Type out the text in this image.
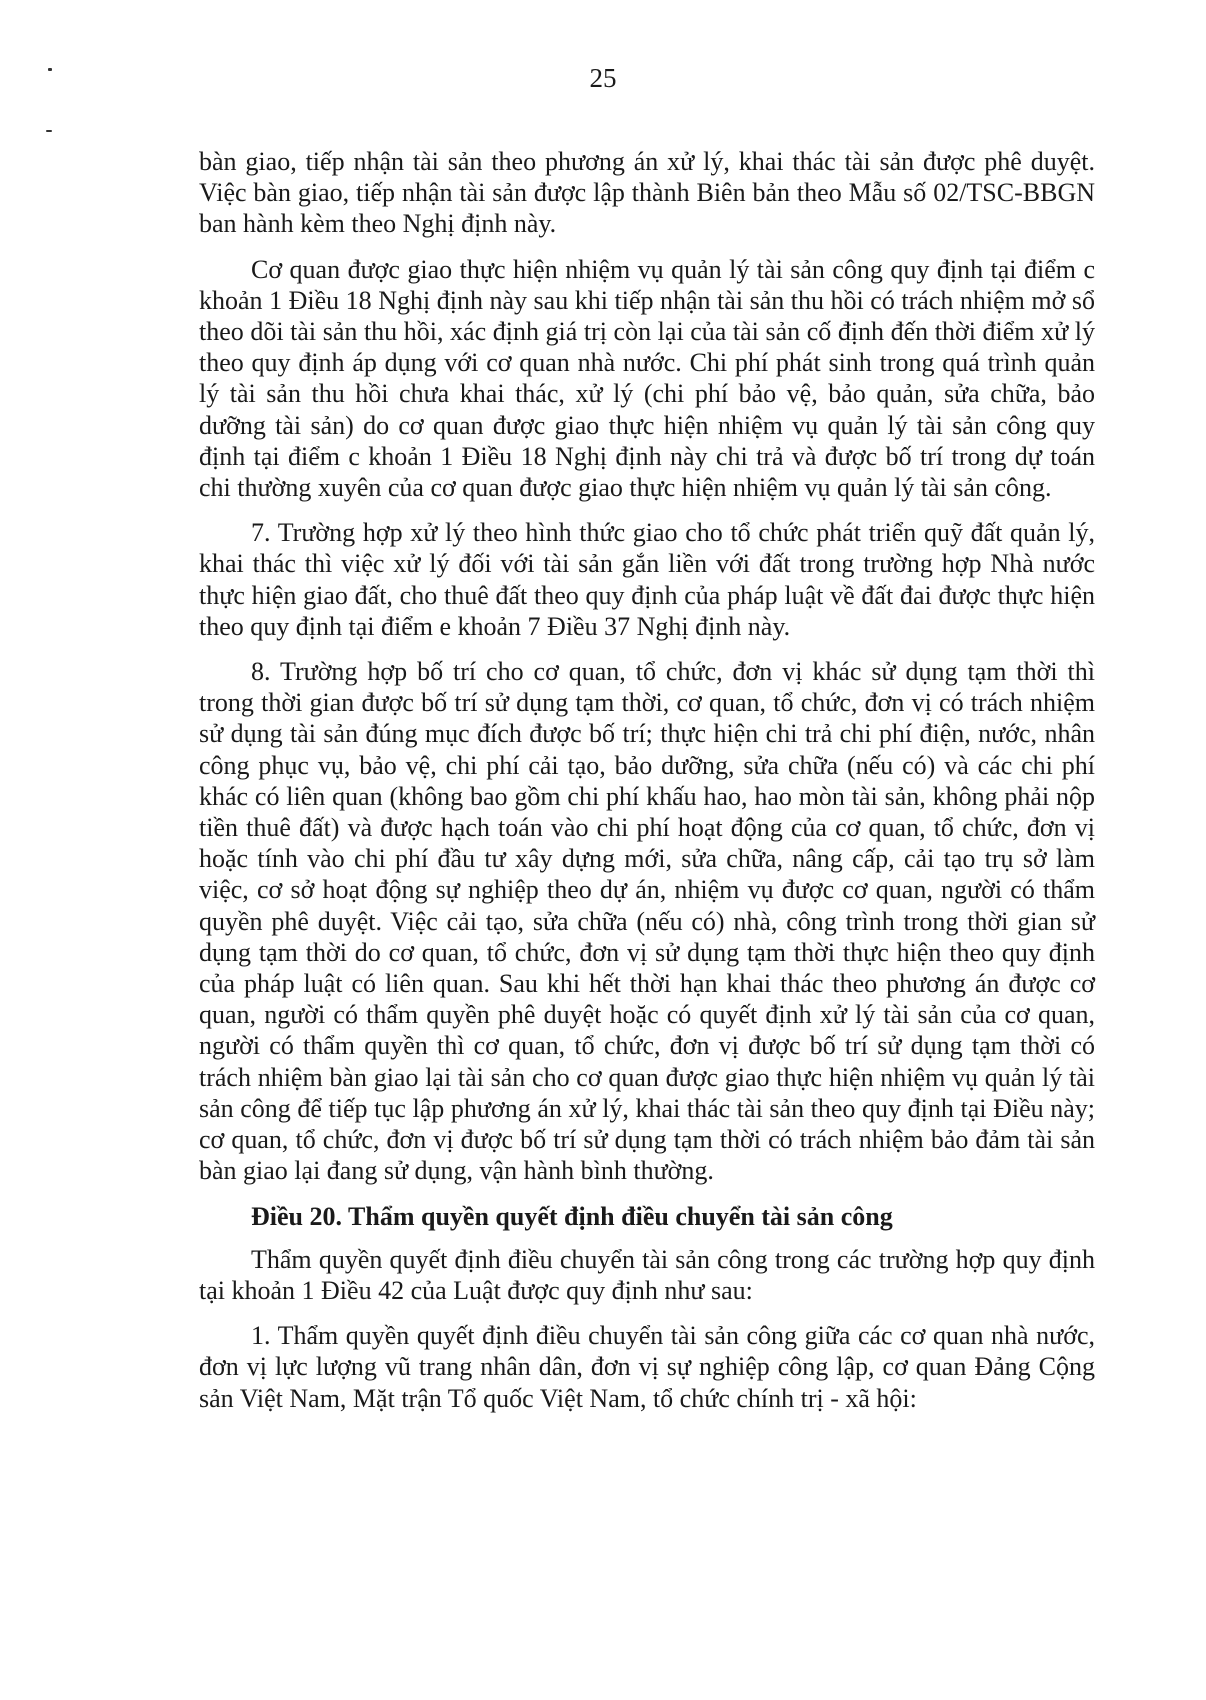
25

bàn giao, tiếp nhận tài sản theo phương án xử lý, khai thác tài sản được phê duyệt. Việc bàn giao, tiếp nhận tài sản được lập thành Biên bản theo Mẫu số 02/TSC-BBGN ban hành kèm theo Nghị định này.

Cơ quan được giao thực hiện nhiệm vụ quản lý tài sản công quy định tại điểm c khoản 1 Điều 18 Nghị định này sau khi tiếp nhận tài sản thu hồi có trách nhiệm mở sổ theo dõi tài sản thu hồi, xác định giá trị còn lại của tài sản cố định đến thời điểm xử lý theo quy định áp dụng với cơ quan nhà nước. Chi phí phát sinh trong quá trình quản lý tài sản thu hồi chưa khai thác, xử lý (chi phí bảo vệ, bảo quản, sửa chữa, bảo dưỡng tài sản) do cơ quan được giao thực hiện nhiệm vụ quản lý tài sản công quy định tại điểm c khoản 1 Điều 18 Nghị định này chi trả và được bố trí trong dự toán chi thường xuyên của cơ quan được giao thực hiện nhiệm vụ quản lý tài sản công.

7. Trường hợp xử lý theo hình thức giao cho tổ chức phát triển quỹ đất quản lý, khai thác thì việc xử lý đối với tài sản gắn liền với đất trong trường hợp Nhà nước thực hiện giao đất, cho thuê đất theo quy định của pháp luật về đất đai được thực hiện theo quy định tại điểm e khoản 7 Điều 37 Nghị định này.

8. Trường hợp bố trí cho cơ quan, tổ chức, đơn vị khác sử dụng tạm thời thì trong thời gian được bố trí sử dụng tạm thời, cơ quan, tổ chức, đơn vị có trách nhiệm sử dụng tài sản đúng mục đích được bố trí; thực hiện chi trả chi phí điện, nước, nhân công phục vụ, bảo vệ, chi phí cải tạo, bảo dưỡng, sửa chữa (nếu có) và các chi phí khác có liên quan (không bao gồm chi phí khấu hao, hao mòn tài sản, không phải nộp tiền thuê đất) và được hạch toán vào chi phí hoạt động của cơ quan, tổ chức, đơn vị hoặc tính vào chi phí đầu tư xây dựng mới, sửa chữa, nâng cấp, cải tạo trụ sở làm việc, cơ sở hoạt động sự nghiệp theo dự án, nhiệm vụ được cơ quan, người có thẩm quyền phê duyệt. Việc cải tạo, sửa chữa (nếu có) nhà, công trình trong thời gian sử dụng tạm thời do cơ quan, tổ chức, đơn vị sử dụng tạm thời thực hiện theo quy định của pháp luật có liên quan. Sau khi hết thời hạn khai thác theo phương án được cơ quan, người có thẩm quyền phê duyệt hoặc có quyết định xử lý tài sản của cơ quan, người có thẩm quyền thì cơ quan, tổ chức, đơn vị được bố trí sử dụng tạm thời có trách nhiệm bàn giao lại tài sản cho cơ quan được giao thực hiện nhiệm vụ quản lý tài sản công để tiếp tục lập phương án xử lý, khai thác tài sản theo quy định tại Điều này; cơ quan, tổ chức, đơn vị được bố trí sử dụng tạm thời có trách nhiệm bảo đảm tài sản bàn giao lại đang sử dụng, vận hành bình thường.

Điều 20. Thẩm quyền quyết định điều chuyển tài sản công

Thẩm quyền quyết định điều chuyển tài sản công trong các trường hợp quy định tại khoản 1 Điều 42 của Luật được quy định như sau:

1. Thẩm quyền quyết định điều chuyển tài sản công giữa các cơ quan nhà nước, đơn vị lực lượng vũ trang nhân dân, đơn vị sự nghiệp công lập, cơ quan Đảng Cộng sản Việt Nam, Mặt trận Tổ quốc Việt Nam, tổ chức chính trị - xã hội:
